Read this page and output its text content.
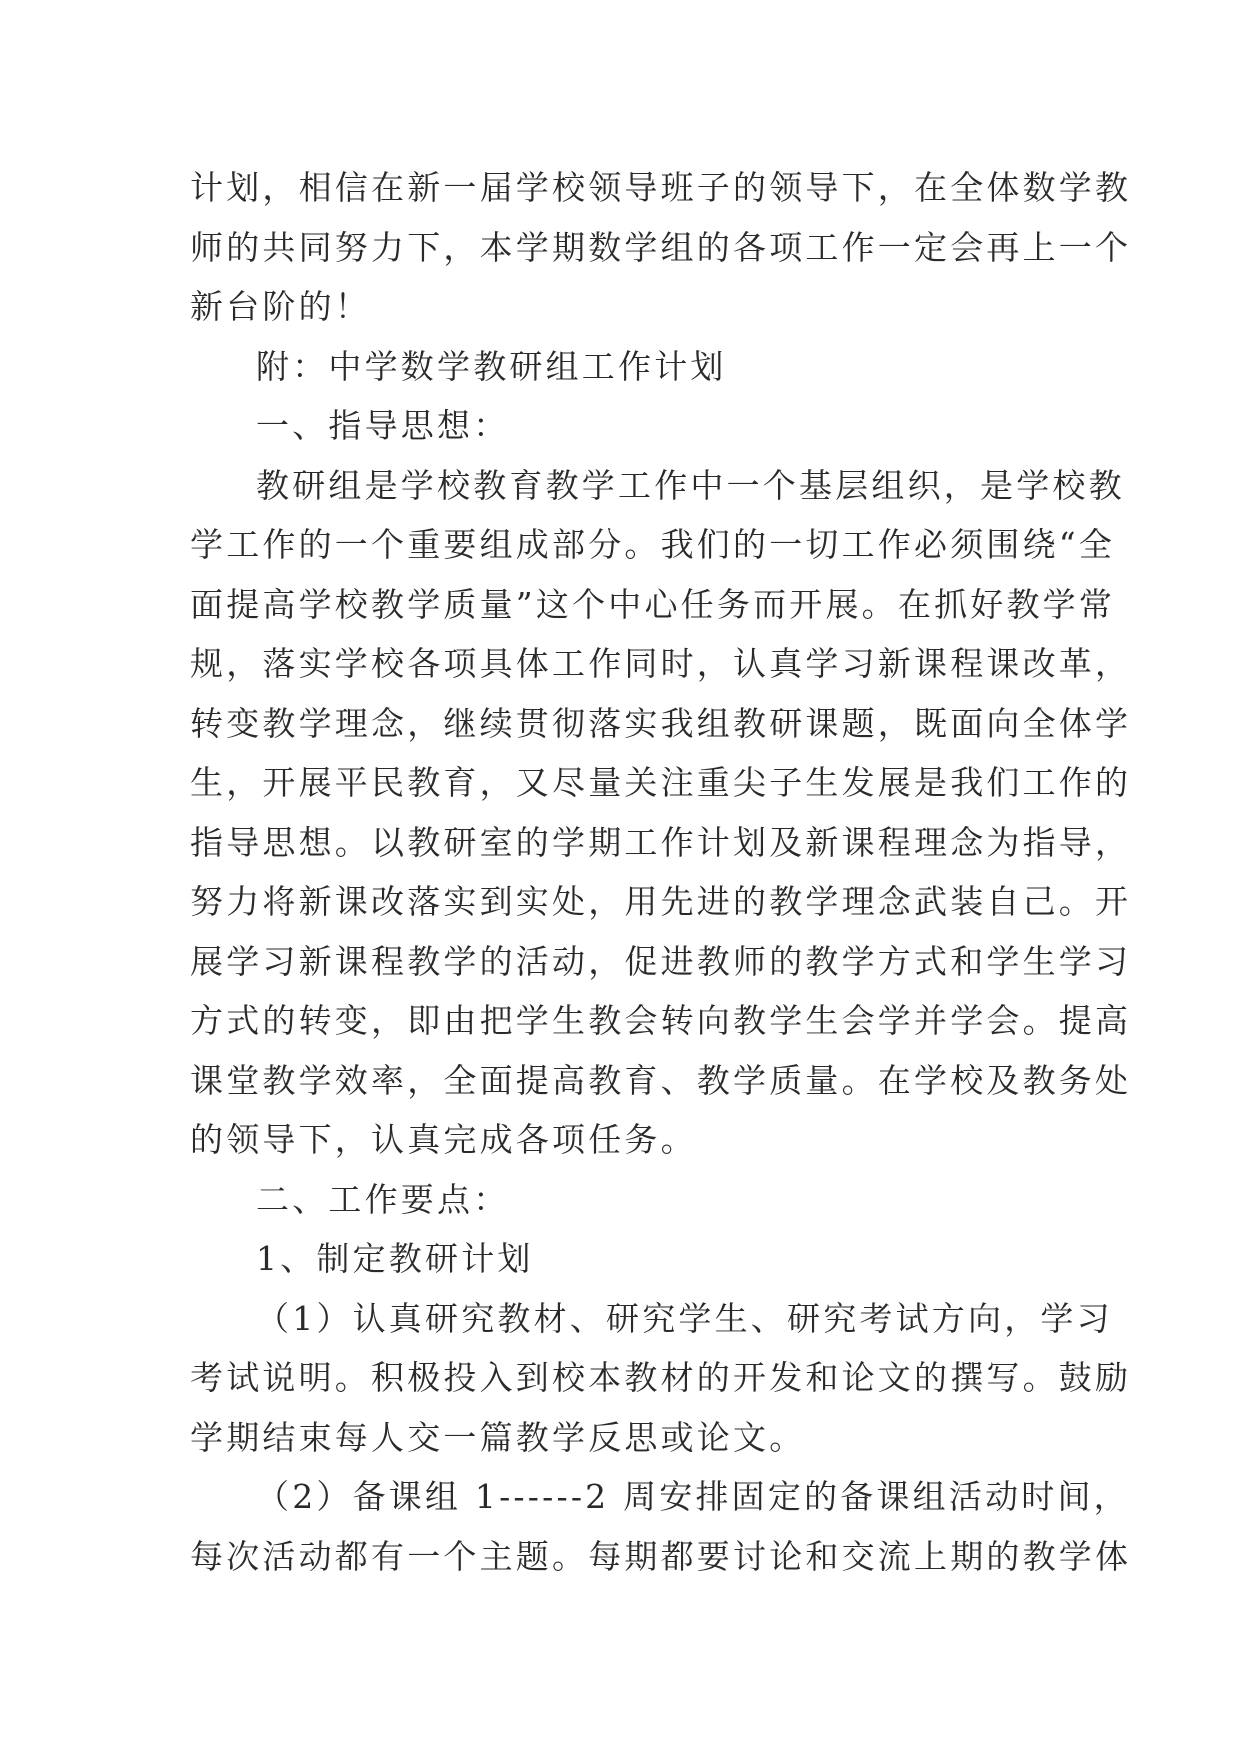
计划，相信在新一届学校领导班子的领导下，在全体数学教
师的共同努力下，本学期数学组的各项工作一定会再上一个
新台阶的！
附：中学数学教研组工作计划
一、指导思想：
教研组是学校教育教学工作中一个基层组织，是学校教
学工作的一个重要组成部分。我们的一切工作必须围绕“全
面提高学校教学质量”这个中心任务而开展。在抓好教学常
规，落实学校各项具体工作同时，认真学习新课程课改革，
转变教学理念，继续贯彻落实我组教研课题，既面向全体学
生，开展平民教育，又尽量关注重尖子生发展是我们工作的
指导思想。以教研室的学期工作计划及新课程理念为指导，
努力将新课改落实到实处，用先进的教学理念武装自己。开
展学习新课程教学的活动，促进教师的教学方式和学生学习
方式的转变，即由把学生教会转向教学生会学并学会。提高
课堂教学效率，全面提高教育、教学质量。在学校及教务处
的领导下，认真完成各项任务。
二、工作要点：
1、制定教研计划
（1）认真研究教材、研究学生、研究考试方向，学习
考试说明。积极投入到校本教材的开发和论文的撰写。鼓励
学期结束每人交一篇教学反思或论文。
（2）备课组 1------2 周安排固定的备课组活动时间，
每次活动都有一个主题。每期都要讨论和交流上期的教学体
